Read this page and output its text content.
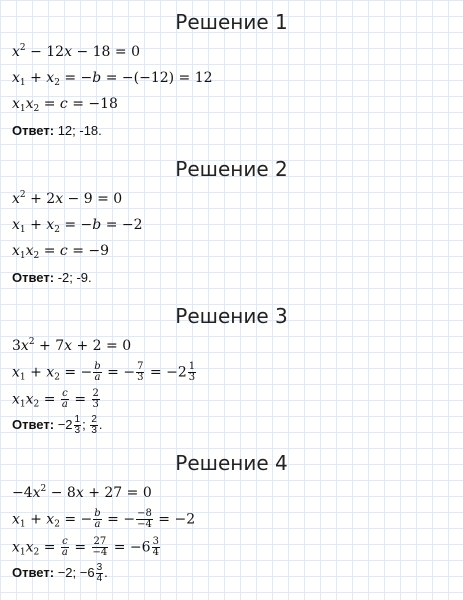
Решение 1
$x^2 - 12x - 18 = 0$
$x_1 + x_2 = -b = -(-12) = 12$
$x_1x_2 = c = -18$
Ответ: 12; -18.
Решение 2
$x^2 + 2x - 9 = 0$
$x_1 + x_2 = -b = -2$
$x_1x_2 = c = -9$
Ответ: -2; -9.
Решение 3
$3x^2 + 7x + 2 = 0$
$x_1 + x_2$ = − $\frac{b}{a}$ = − $\frac{7}{3} = -2 \frac{1}{3}$
$x_1x_2 = \frac{c}{a} = \frac{2}{3}$
Ответ: $-2 \frac{1}{3}$ ; $\frac{2}{3}$ .
Решение 4
$-4x^2 - 8x + 27 = 0$
$x_1 + x_2$ = − $\frac{b}{a}$ = − $\frac{-8}{-4} = -2$
$x_1x_2 = \frac{c}{a} = \frac{27}{-4} = -6 \frac{3}{4}$
Ответ: −2; $-6 \frac{3}{4}$ .
